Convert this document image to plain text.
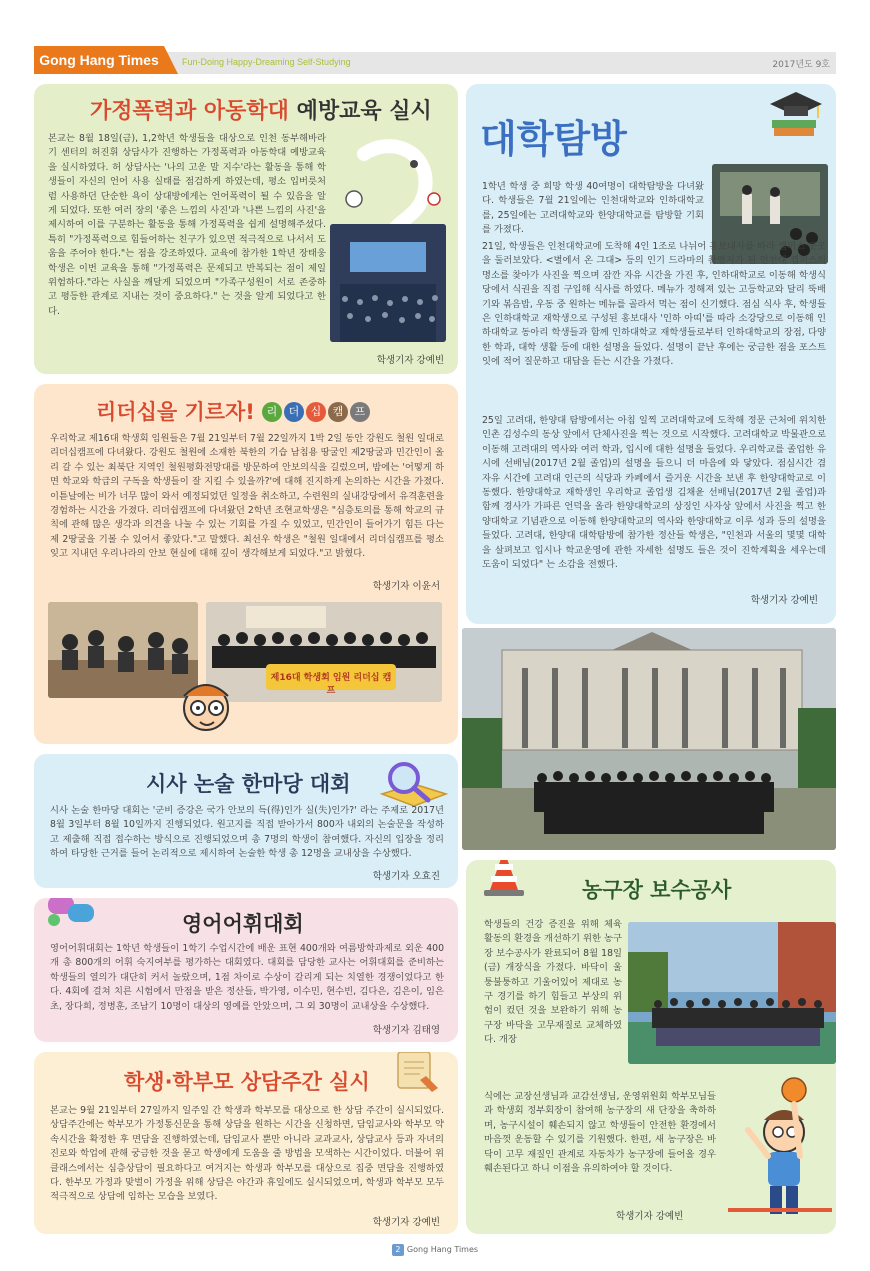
Gong Hang Times	Fun-Doing Happy-Dreaming Self-Studying	2017년도 9호
가정폭력과 아동학대 예방교육 실시
본교는 8월 18일(금), 1,2학년 학생들을 대상으로 인천 동부해바라기 센터의 허진휘 상담사가 진행하는 가정폭력과 아동학대 예방교육을 실시하였다. 허 상담사는 '나의 고운 말 지수'라는 활동을 통해 학생들이 자신의 언어 사용 실태를 점검하게 하였는데, 평소 입버릇처럼 사용하던 단순한 욕이 상대방에게는 언어폭력이 될 수 있음을 알게 되었다. 또한 여러 장의 '좋은 느낌의 사진'과 '나쁜 느낌의 사진'을 제시하여 이를 구분하는 활동을 통해 가정폭력을 쉽게 설명해주셨다. 특히 "가정폭력으로 힘들어하는 친구가 있으면 적극적으로 나서서 도움을 주어야 한다."는 점을 강조하였다. 교육에 참가한 1학년 장태웅 학생은 이번 교육을 통해 "가정폭력은 문제되고 반복되는 점이 제일 위험하다."라는 사실을 깨달게 되었으며 "가족구성원이 서로 존중하고 평등한 관계로 지내는 것이 중요하다." 는 것을 알게 되었다고 한다.
학생기자 강예빈
리더십을 기르자!	리 더 십 캠 프
우리학교 제16대 학생회 임원들은 7월 21일부터 7월 22일까지 1박 2일 동안 강원도 철원 일대로 리더십캠프에 다녀왔다. 강원도 철원에 소재한 북한의 기습 남침용 땅굴인 제2땅굴과 민간인이 올리 갈 수 있는 최북단 지역인 철원평화전망대를 방문하여 안보의식을 길렀으며, 밤에는 '어떻게 하면 학교와 학급의 구독을 학생들이 잘 지킬 수 있을까?'에 대해 진지하게 논의하는 시간을 가졌다. 이튿날에는 비가 너무 많이 와서 예정되었던 일정을 취소하고, 수련원의 실내강당에서 유격훈련을 경험하는 시간을 가졌다. 리더쉽캠프에 다녀왔던 2학년 조현교학생은 "심층토의를 통해 학교의 규칙에 관해 많은 생각과 의견을 나눌 수 있는 기회를 가질 수 있었고, 민간인이 들어가기 힘든 다는 제 2땅굴을 기볼 수 있어서 좋았다."고 말했다. 최선우 학생은 "철원 일대에서 리더십캠프를 평소 잊고 지내던 우리나라의 안보 현실에 대해 깊이 생각해보게 되었다."고 밝혔다.
학생기자 이윤서
제16대 학생회 임원 리더십 캠프
시사 논술 한마당 대회
시사 논술 한마당 대회는 '군비 증강은 국가 안보의 득(得)인가 실(失)인가?' 라는 주제로 2017년 8월 3일부터 8월 10일까지 진행되었다. 원고지를 직접 받아가서 800자 내외의 논술문을 작성하고 제출해 직접 접수하는 방식으로 진행되었으며 총 7명의 학생이 참여했다. 자신의 입장을 정리하여 타당한 근거를 들어 논리적으로 제시하여 논술한 학생 총 12명을 교내상을 수상했다.
학생기자 오효진
영어어휘대회
영어어휘대회는 1학년 학생들이 1학기 수업시간에 배운 표현 400개와 여름방학과제로 외운 400개 총 800개의 어휘 숙지여부를 평가하는 대회였다. 대회를 담당한 교사는 어휘대회를 준비하는 학생들의 열의가 대단히 커서 놀랐으며, 1점 차이로 수상이 갈리게 되는 치열한 경쟁이었다고 한다. 4회에 걸쳐 치른 시험에서 만점을 받은 정산들, 박가영, 이수민, 현수빈, 김다은, 김은이, 임은초, 장다희, 정병훈, 조남기 10명이 대상의 영예를 안았으며, 그 외 30명이 교내상을 수상했다.
학생기자 김태영
학생·학부모 상담주간 실시
본교는 9월 21일부터 27일까지 일주일 간 학생과 학부모를 대상으로 한 상담 주간이 실시되었다. 상담주간에는 학부모가 가정통신문을 통해 상담을 원하는 시간을 신청하면, 담임교사와 학부모 약속시간을 확정한 후 면담을 진행하였는데, 담임교사 뿐만 아니라 교과교사, 상담교사 등과 자녀의 진로와 학업에 관해 궁금한 것을 묻고 학생에게 도움을 줄 방법을 모색하는 시간이었다. 더불어 위클래스에서는 심층상담이 필요하다고 여겨지는 학생과 학부모를 대상으로 집중 면담을 진행하였다. 한부모 가정과 맞벌이 가정을 위해 상담은 야간과 휴일에도 실시되었으며, 학생과 학부모 모두 적극적으로 상담에 임하는 모습을 보였다.
학생기자 강예빈
대학탐방
1학년 학생 중 희망 학생 40여명이 대학탐방을 다녀왔다. 학생들은 7월 21일에는 인천대학교와 인하대학교를, 25일에는 고려대학교와 한양대학교를 탐방할 기회를 가졌다.
21일, 학생들은 인천대학교에 도착해 4인 1조로 나뉘어 홍보대사를 따라 캠퍼스 곳곳을 둘러보았다. <별에서 온 그대> 등의 인기 드라마의 촬영지가 된 인천대 캠퍼스의 명소를 찾아가 사진을 찍으며 잠깐 자유 시간을 가진 후, 인하대학교로 이동해 학생식당에서 식권을 직접 구입해 식사를 하였다. 메뉴가 정해져 있는 고등학교와 달리 뚝배기와 볶음밥, 우동 중 원하는 메뉴를 골라서 먹는 점이 신기했다. 점심 식사 후, 학생들은 인하대학교 재학생으로 구성된 홍보대사 '인하 아띠'를 따라 소강당으로 이동해 인하대학교 동아리 학생들과 함께 인하대학교 재학생들로부터 인하대학교의 장점, 다양한 학과, 대학 생활 등에 대한 설명을 들었다. 설명이 끝난 후에는 궁금한 점을 포스트잇에 적어 질문하고 대답을 듣는 시간을 가졌다.
25일 고려대, 한양대 탐방에서는 아침 일찍 고려대학교에 도착해 정문 근처에 위치한 인촌 김성수의 동상 앞에서 단체사진을 찍는 것으로 시작했다. 고려대학교 박물관으로 이동해 고려대의 역사와 여러 학과, 입시에 대한 설명을 들었다. 우리학교를 졸업한 유시에 선배님(2017년 2월 졸업)의 설명을 들으니 더 마음에 와 닿았다. 점심시간 겸 자유 시간에 고려대 인근의 식당과 카페에서 즐거운 시간을 보낸 후 한양대학교로 이동했다. 한양대학교 재학생인 우리학교 졸업생 김채윤 선배님(2017년 2월 졸업)과 함께 경사가 가파른 언덕을 올라 한양대학교의 상징인 사자상 앞에서 사진을 찍고 한양대학교 기념관으로 이동해 한양대학교의 역사와 한양대학교 이루 성과 등의 설명을 들었다. 고려대, 한양대 대학탐방에 참가한 정산들 학생은, "인천과 서울의 몇몇 대학을 살펴보고 입시나 학교운영에 관한 자세한 설명도 들은 것이 진학계획을 세우는데 도움이 되었다" 는 소감을 전했다.
학생기자 강예빈
농구장 보수공사
학생들의 건강 증진을 위해 체육 활동의 환경을 개선하기 위한 농구장 보수공사가 완료되어 8월 18일(금) 개장식을 가졌다. 바닥이 울퉁불퉁하고 기울어있어 제대로 농구 경기를 하기 힘들고 부상의 위험이 컸던 것을 보완하기 위해 농구장 바닥을 고무재질로 교체하였다. 개장
식에는 교장선생님과 교감선생님, 운영위원회 학부모님들과 학생회 정부회장이 참여해 농구장의 새 단장을 축하하며, 농구시설이 훼손되지 않고 학생들이 안전한 환경에서 마음껏 운동할 수 있기를 기원했다. 한편, 새 농구장은 바닥이 고무 재질인 관계로 자동차가 농구장에 들어올 경우 훼손된다고 하니 이점을 유의하여야 할 것이다.
학생기자 강예빈
2 Gong Hang Times
